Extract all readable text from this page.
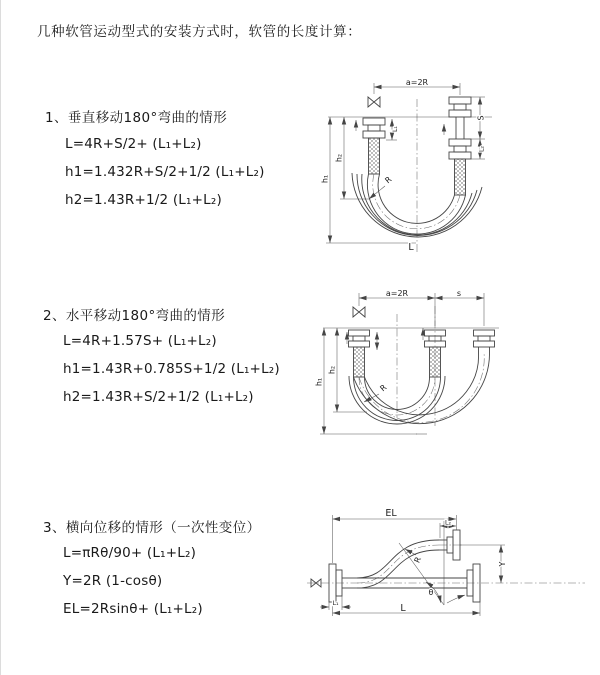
几种软管运动型式的安装方式时，软管的长度计算：
1、垂直移动180°弯曲的情形
L=4R+S/2+ (L₁+L₂)
h1=1.432R+S/2+1/2 (L₁+L₂)
h2=1.43R+1/2 (L₁+L₂)
a=2R
h₁
h₂
L₁
S
L₂
R
L
2、水平移动180°弯曲的情形
L=4R+1.57S+ (L₁+L₂)
h1=1.43R+0.785S+1/2 (L₁+L₂)
h2=1.43R+S/2+1/2 (L₁+L₂)
a=2R	s
h₁
h₂
R
3、横向位移的情形（一次性变位）
L=πRθ/90+ (L₁+L₂)
Y=2R (1-cosθ)
EL=2Rsinθ+ (L₁+L₂)
EL
L₂
Y
R
θ
L
L₁
